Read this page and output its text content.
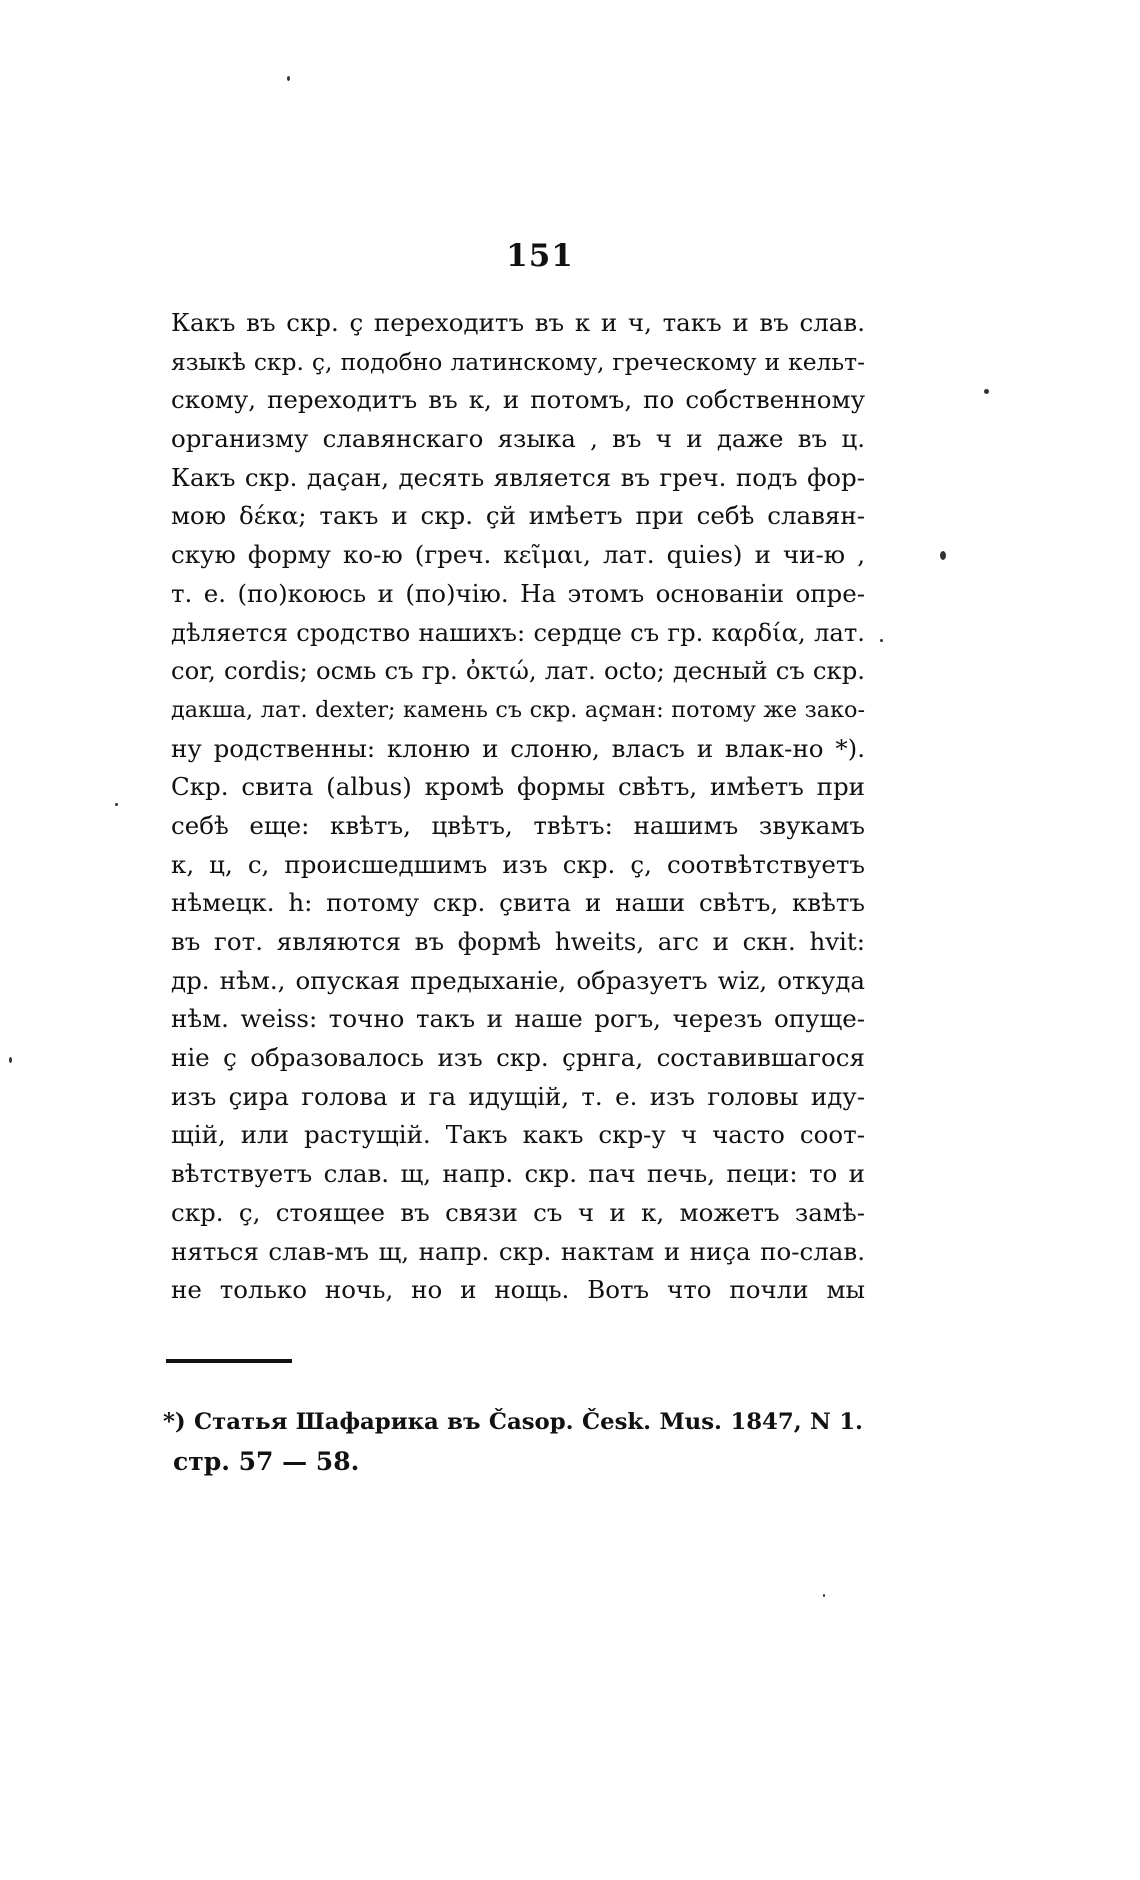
151
Какъ въ скр. ç переходитъ въ к и ч, такъ и въ слав.
языкѣ скр. ç, подобно латинскому, греческому и кельт-
скому, переходитъ въ к, и потомъ, по собственному
организму славянскаго языка , въ ч и даже въ ц.
Какъ скр. дaçан, десять является въ греч. подъ фор-
мою δέκα; такъ и скр. çй имѣетъ при себѣ славян-
скую форму ко-ю (греч. κεῖμαι, лат. quies) и чи-ю ,
т. е. (по)коюсь и (по)чію. На этомъ основаніи опре-
дѣляется сродство нашихъ: сердце съ гр. καρδία, лат.
cor, cordis; осмь съ гр. ὀκτώ, лат. octo; десный съ скр.
дакша, лат. dexter; камень съ скр. аçман: потому же зако-
ну родственны: клоню и слоню, власъ и влак-но *).
Скр. свита (albus) кромѣ формы свѣтъ, имѣетъ при
себѣ еще: квѣтъ, цвѣтъ, твѣтъ: нашимъ звукамъ
к, ц, с, происшедшимъ изъ скр. ç, соотвѣтствуетъ
нѣмецк. h: потому скр. çвита и наши свѣтъ, квѣтъ
въ гот. являются въ формѣ hweits, агс и скн. hvit:
др. нѣм., опуская предыханіе, образуетъ wiz, откуда
нѣм. weiss: точно такъ и наше рогъ, черезъ опуще-
ніе ç образовалось изъ скр. çрнга, составившагося
изъ çира голова и га идущій, т. е. изъ головы иду-
щій, или растущій. Такъ какъ скр-у ч часто соот-
вѣтствуетъ слав. щ, напр. скр. пач печь, пеци: то и
скр. ç, стоящее въ связи съ ч и к, можетъ замѣ-
няться слав-мъ щ, напр. скр. нактам и ниçа по-слав.
не только ночь, но и нощь. Вотъ что почли мы
*) Статья Шафарика въ Časop. Česk. Mus. 1847, N 1.
стр. 57 — 58.
